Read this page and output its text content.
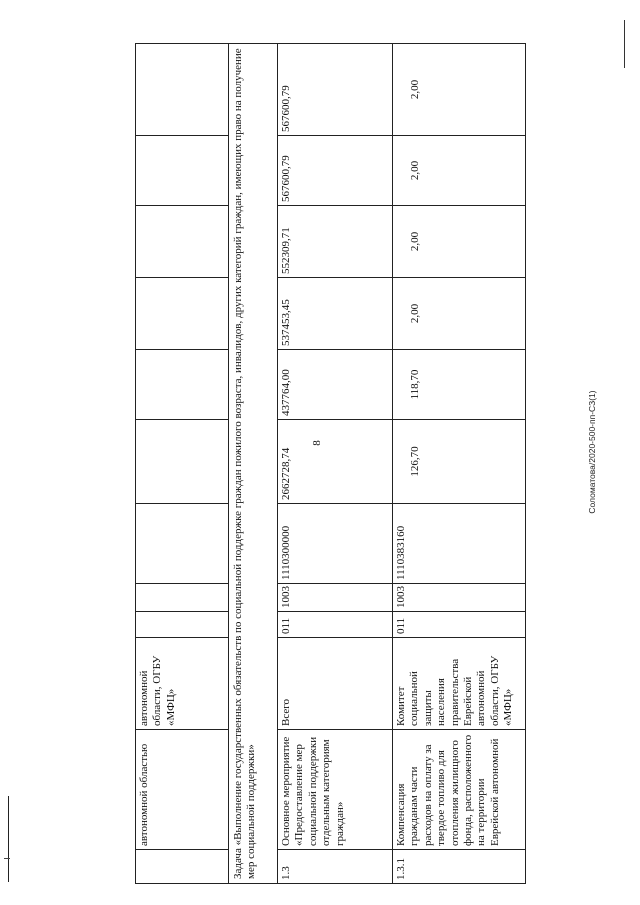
Соломатова/2020-500-пп-СЗ(1)
8
	автономной областью	автономной области, ОГБУ «МФЦ»									
Задача «Выполнение государственных обязательств по социальной поддержке граждан пожилого возраста, инвалидов, других категорий граждан, имеющих право на получение мер социальной поддержки»											
1.3	Основное мероприятие «Предоставление мер социальной поддержки отдельным категориям граждан»	Всего	011	1003	1110300000	2662728,74	437764,00	537453,45	552309,71	567600,79	567600,79
1.3.1	Компенсация гражданам части расходов на оплату за твердое топливо для отопления жилищного фонда, расположенного на территории Еврейской автономной	Комитет социальной защиты населения правительства Еврейской автономной области, ОГБУ «МФЦ»	011	1003	1110383160	126,70	118,70	2,00	2,00	2,00	2,00
